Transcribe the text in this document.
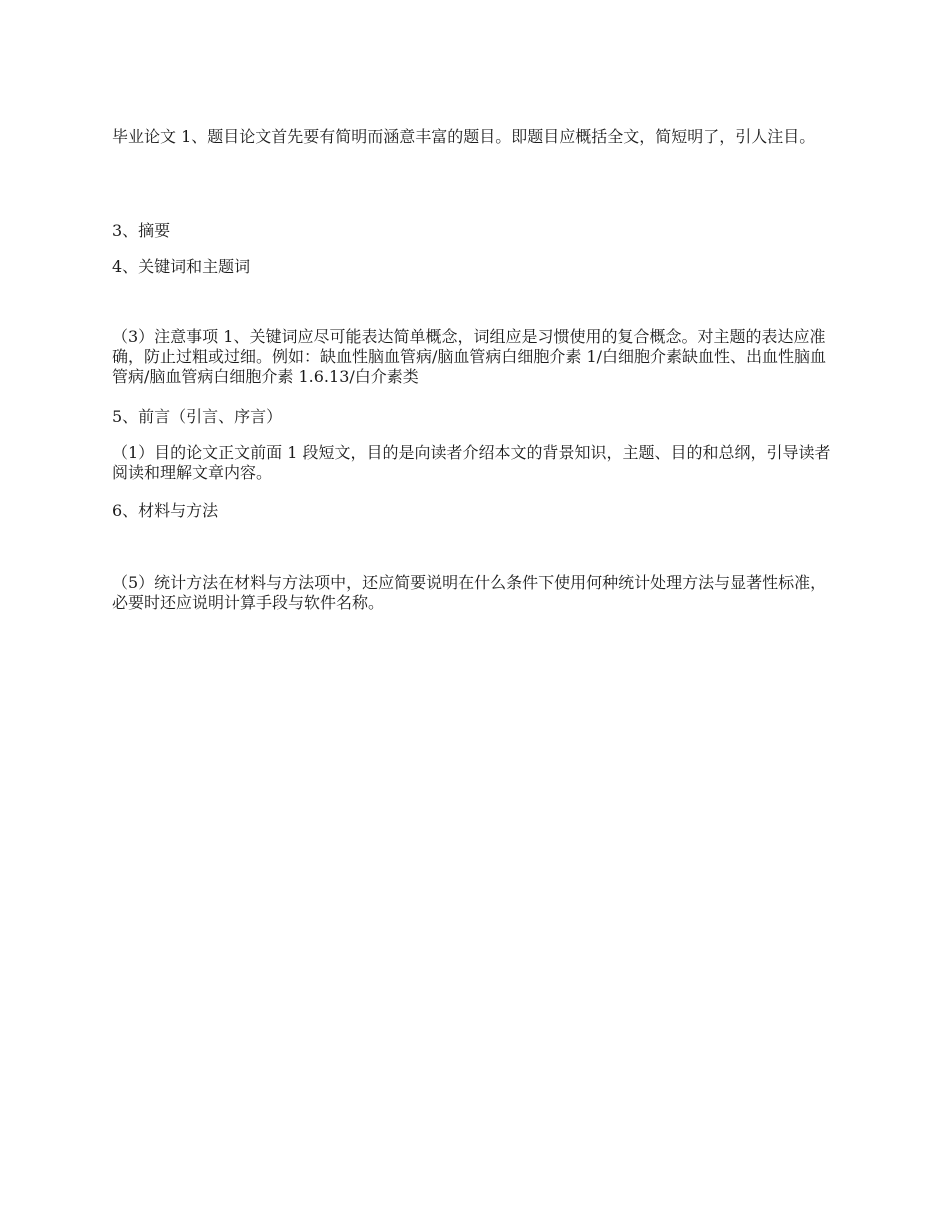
毕业论文 1、题目论文首先要有简明而涵意丰富的题目。即题目应概括全文，简短明了，引人注目。

3、摘要

4、关键词和主题词

（3）注意事项 1、关键词应尽可能表达简单概念，词组应是习惯使用的复合概念。对主题的表达应准确，防止过粗或过细。例如：缺血性脑血管病/脑血管病白细胞介素 1/白细胞介素缺血性、出血性脑血管病/脑血管病白细胞介素 1.6.13/白介素类

5、前言（引言、序言）

（1）目的论文正文前面 1 段短文，目的是向读者介绍本文的背景知识，主题、目的和总纲，引导读者阅读和理解文章内容。

6、材料与方法

（5）统计方法在材料与方法项中，还应简要说明在什么条件下使用何种统计处理方法与显著性标准，必要时还应说明计算手段与软件名称。
